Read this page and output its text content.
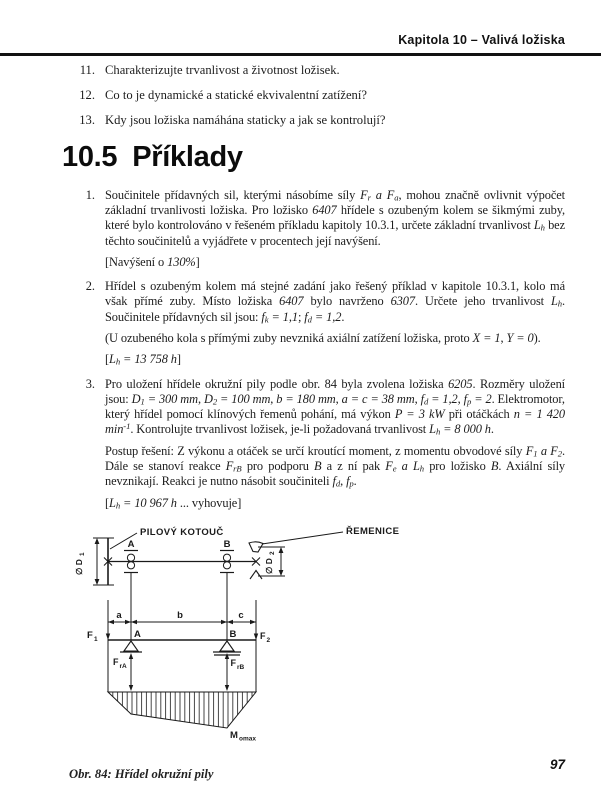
Kapitola 10 – Valivá ložiska
11. Charakterizujte trvanlivost a životnost ložisek.
12. Co to je dynamické a statické ekvivalentní zatížení?
13. Kdy jsou ložiska namáhána staticky a jak se kontrolují?
10.5 Příklady
1. Součinitele přídavných sil, kterými násobíme síly $F_r$ a $F_a$, mohou značně ovlivnit výpočet základní trvanlivosti ložiska. Pro ložisko 6407 hřídele s ozubeným kolem se šikmými zuby, které bylo kontrolováno v řešeném příkladu kapitoly 10.3.1, určete základní trvanlivost $L_h$ bez těchto součinitelů a vyjádřete v procentech její navýšení.
[Navýšení o 130%]
2. Hřídel s ozubeným kolem má stejné zadání jako řešený příklad v kapitole 10.3.1, kolo má však přímé zuby. Místo ložiska 6407 bylo navrženo 6307. Určete jeho trvanlivost $L_h$. Součinitele přídavných sil jsou: $f_k = 1,1$; $f_d = 1,2$.
(U ozubeného kola s přímými zuby nevzniká axiální zatížení ložiska, proto X = 1, Y = 0).
[$L_h = 13$ 758 h]
3. Pro uložení hřídele okružní pily podle obr. 84 byla zvolena ložiska 6205. Rozměry uložení jsou: $D_1 = 300$ mm, $D_2 = 100$ mm, b = 180 mm, a = c = 38 mm, $f_d = 1,2$, $f_p = 2$. Elektromotor, který hřídel pomocí klínových řemenů pohání, má výkon P = 3 kW při otáčkách n = 1 420 $\min^{-1}$. Kontrolujte trvanlivost ložisek, je-li požadovaná trvanlivost $L_h = 8$ 000 h.
Postup řešení: Z výkonu a otáček se určí kroutící moment, z momentu obvodové síly $F_1$ a $F_2$. Dále se stanoví reakce $F_{rB}$ pro podporu B a z ní pak $F_e$ a $L_h$ pro ložisko B. Axiální síly nevznikají. Reakci je nutno násobit součiniteli $f_d$, $f_p$.
[$L_h = 10$ 967 h ... vyhovuje]
PILOVÝ KOTOUČ	ŘEMENICE
∅ D
1
A	B
∅ D
2
a	b	c
F 1	F 2
A	B
F rA	F rB
M omax
Obr. 84: Hřídel okružní pily
97
